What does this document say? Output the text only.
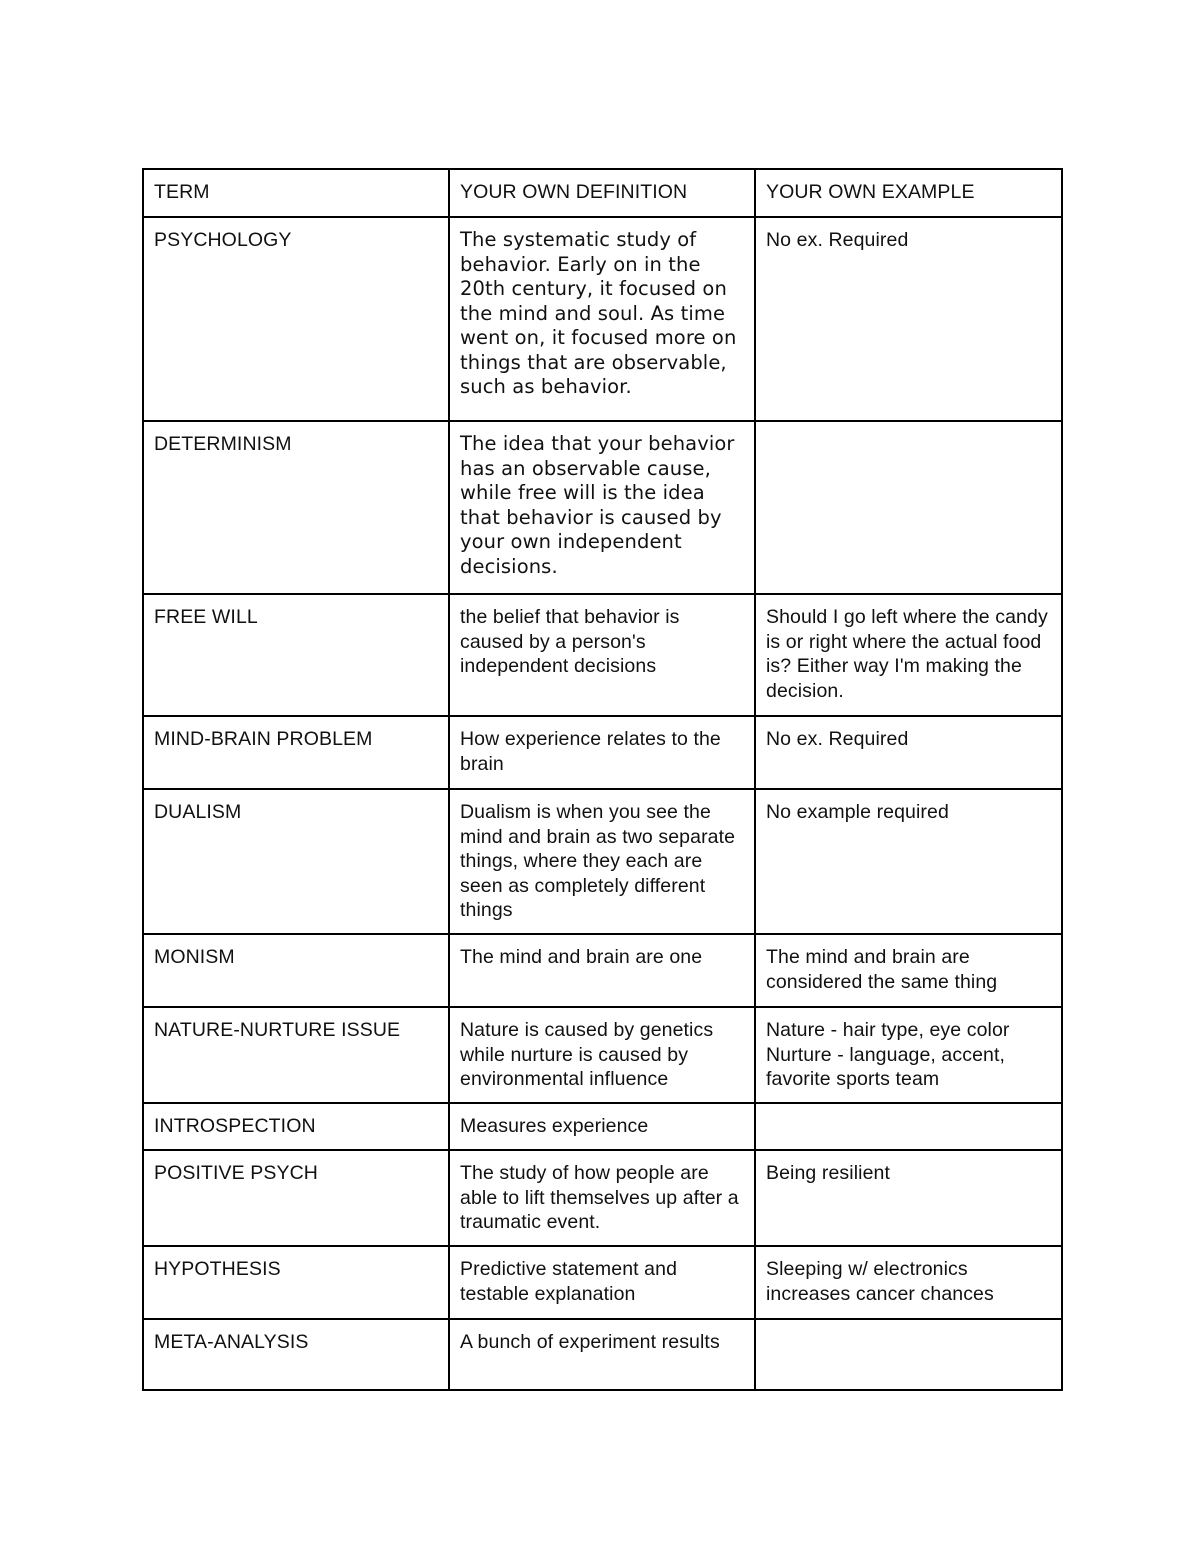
TERM	YOUR OWN DEFINITION	YOUR OWN EXAMPLE

PSYCHOLOGY	The systematic study of behavior. Early on in the 20th century, it focused on the mind and soul. As time went on, it focused more on things that are observable, such as behavior.	No ex. Required

DETERMINISM	The idea that your behavior has an observable cause, while free will is the idea that behavior is caused by your own independent decisions.	

FREE WILL	the belief that behavior is caused by a person's independent decisions	Should I go left where the candy is or right where the actual food is? Either way I'm making the decision.

MIND-BRAIN PROBLEM	How experience relates to the brain	No ex. Required

DUALISM	Dualism is when you see the mind and brain as two separate things, where they each are seen as completely different things	No example required

MONISM	The mind and brain are one	The mind and brain are considered the same thing

NATURE-NURTURE ISSUE	Nature is caused by genetics while nurture is caused by environmental influence	Nature - hair type, eye color
Nurture - language, accent, favorite sports team

INTROSPECTION	Measures experience	

POSITIVE PSYCH	The study of how people are able to lift themselves up after a traumatic event.	Being resilient

HYPOTHESIS	Predictive statement and testable explanation	Sleeping w/ electronics increases cancer chances

META-ANALYSIS	A bunch of experiment results	
